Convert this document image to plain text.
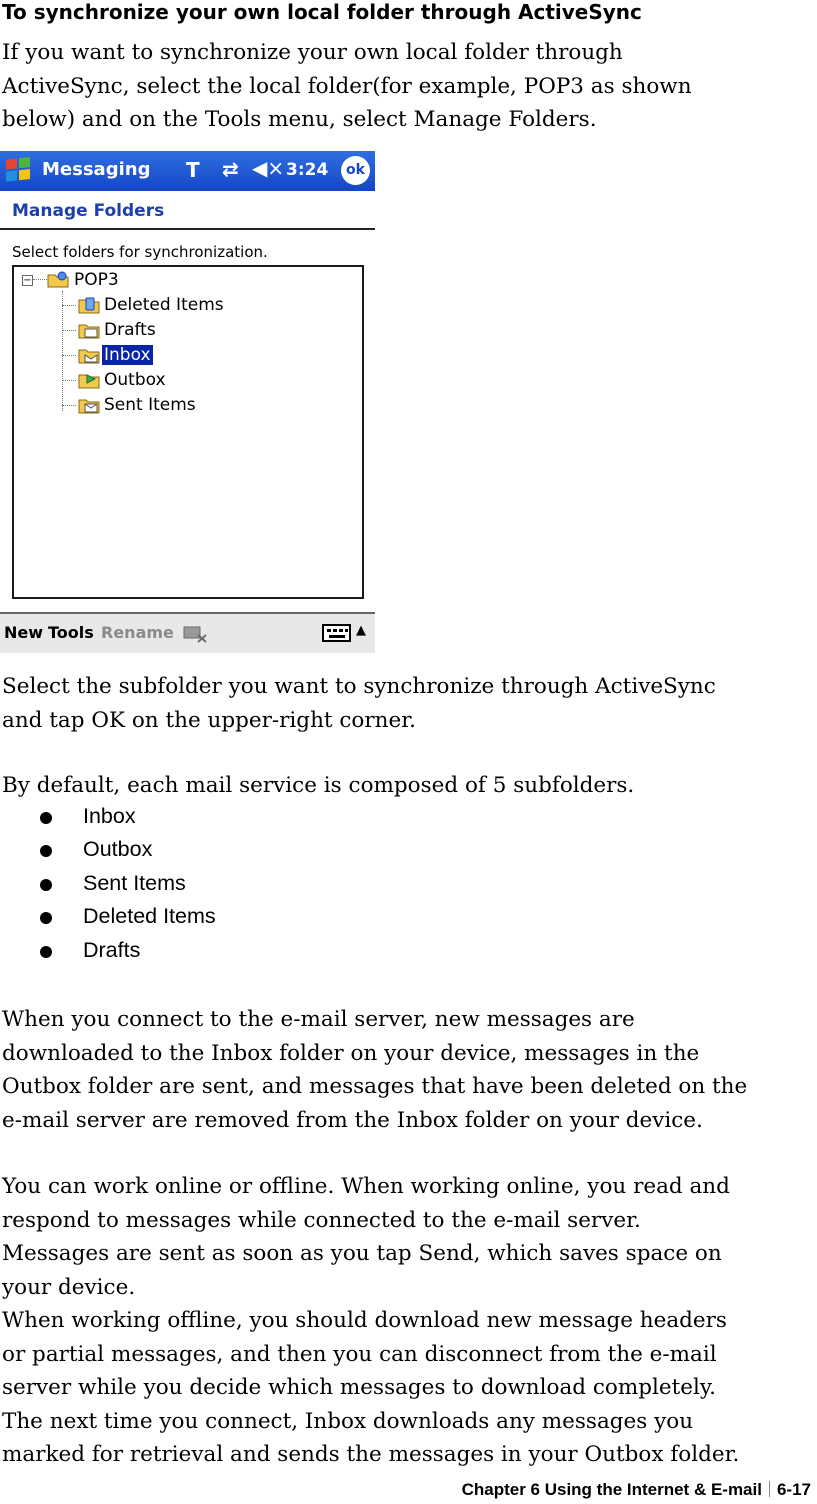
To synchronize your own local folder through ActiveSync
If you want to synchronize your own local folder through
ActiveSync, select the local folder(for example, POP3 as shown
below) and on the Tools menu, select Manage Folders.
Messaging T ⇄ ◀× 3:24	ok
Manage Folders
Select folders for synchronization.
− POP3
Deleted Items
Drafts
Inbox
Outbox
Sent Items
New Tools Rename	▲
Select the subfolder you want to synchronize through ActiveSync
and tap OK on the upper-right corner.
By default, each mail service is composed of 5 subfolders.
Inbox
Outbox
Sent Items
Deleted Items
Drafts
When you connect to the e-mail server, new messages are
downloaded to the Inbox folder on your device, messages in the
Outbox folder are sent, and messages that have been deleted on the
e-mail server are removed from the Inbox folder on your device.
You can work online or offline. When working online, you read and
respond to messages while connected to the e-mail server.
Messages are sent as soon as you tap Send, which saves space on
your device.
When working offline, you should download new message headers
or partial messages, and then you can disconnect from the e-mail
server while you decide which messages to download completely.
The next time you connect, Inbox downloads any messages you
marked for retrieval and sends the messages in your Outbox folder.
Chapter 6 Using the Internet & E-mail 6-17
